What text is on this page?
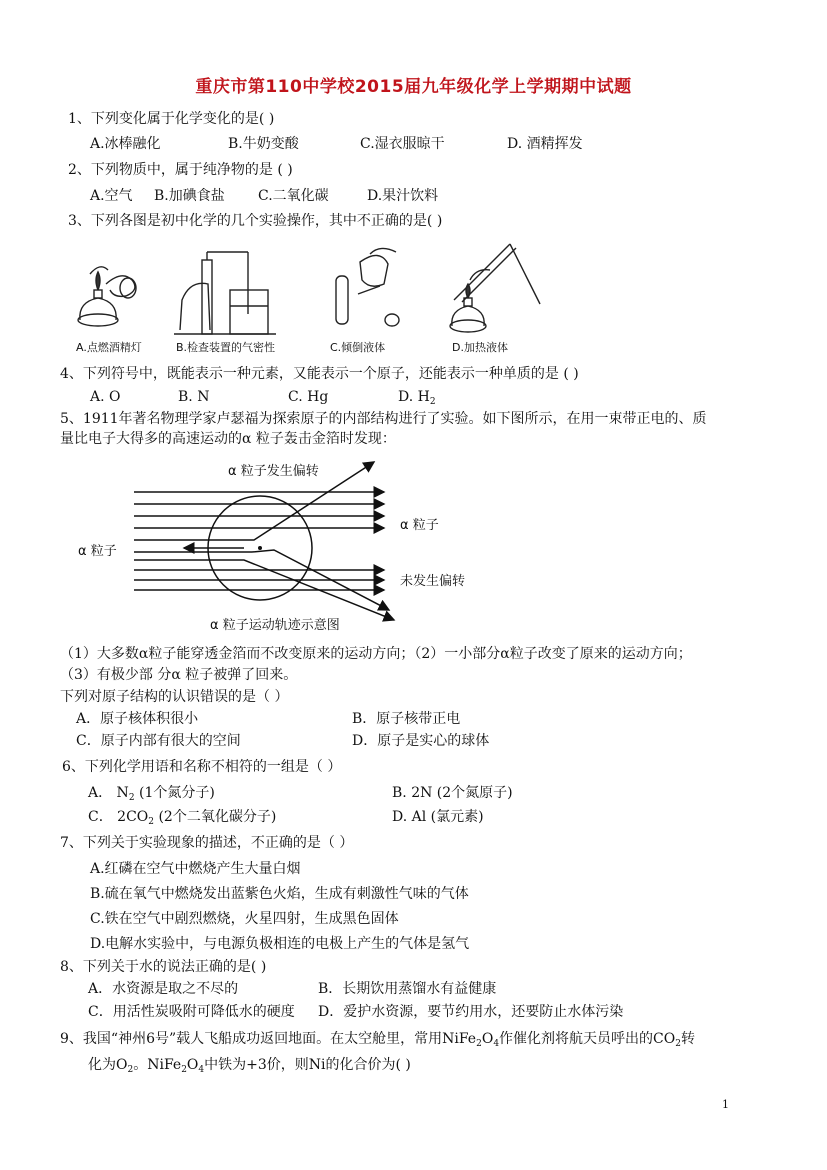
重庆市第110中学校2015届九年级化学上学期期中试题
1、下列变化属于化学变化的是( )
A.冰棒融化	B.牛奶变酸	C.湿衣服晾干	D. 酒精挥发
2、下列物质中，属于纯净物的是 ( )
A.空气 B.加碘食盐 C.二氧化碳	D.果汁饮料
3、下列各图是初中化学的几个实验操作，其中不正确的是( )
A.点燃酒精灯	B.检查装置的气密性	C.倾倒液体	D.加热液体
4、下列符号中，既能表示一种元素，又能表示一个原子，还能表示一种单质的是 ( )
A. O	B. N	C. Hg	D. $H_2$
5、1911年著名物理学家卢瑟福为探索原子的内部结构进行了实验。如下图所示，在用一束带正电的、质
量比电子大得多的高速运动的α 粒子轰击金箔时发现：
α 粒子发生偏转
α 粒子
α 粒子
未发生偏转
α 粒子运动轨迹示意图
（1）大多数α粒子能穿透金箔而不改变原来的运动方向；（2）一小部分α粒子改变了原来的运动方向；
（3）有极少部 分α 粒子被弹了回来。
下列对原子结构的认识错误的是（ ）
A．原子核体积很小	B．原子核带正电
C．原子内部有很大的空间	D．原子是实心的球体
6、下列化学用语和名称不相符的一组是（ ）
A． $N_2$ (1个氮分子)	B. 2N (2个氮原子)
C． $2CO_2$ (2个二氧化碳分子)	D. Al (氯元素)
7、下列关于实验现象的描述，不正确的是（ ）
A.红磷在空气中燃烧产生大量白烟
B.硫在氧气中燃烧发出蓝紫色火焰，生成有刺激性气味的气体
C.铁在空气中剧烈燃烧，火星四射，生成黑色固体
D.电解水实验中，与电源负极相连的电极上产生的气体是氢气
8、下列关于水的说法正确的是( )
A．水资源是取之不尽的	B．长期饮用蒸馏水有益健康
C．用活性炭吸附可降低水的硬度 D．爱护水资源，要节约用水，还要防止水体污染
9、我国“神州6号”载人飞船成功返回地面。在太空舱里，常用$NiFe_2O_4$作催化剂将航天员呼出的$CO_2$转
化为$O_2$。$NiFe_2O_4$中铁为+3价，则Ni的化合价为( )
1
